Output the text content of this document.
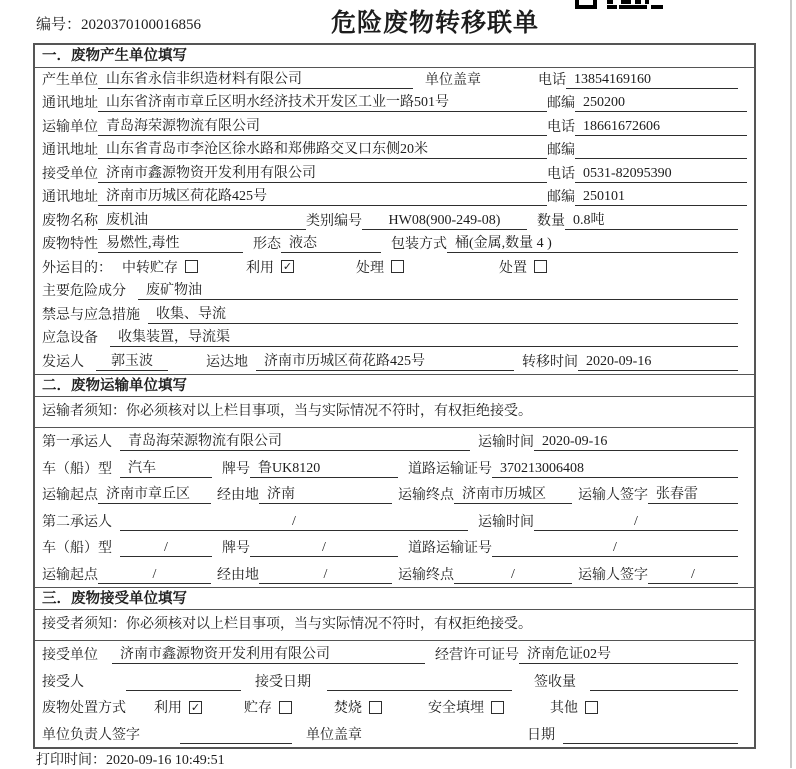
编号：2020370100016856	危险废物转移联单
一．废物产生单位填写
产生单位 山东省永信非织造材料有限公司	单位盖章	电话 13854169160
通讯地址 山东省济南市章丘区明水经济技术开发区工业一路501号	邮编 250200
运输单位 青岛海荣源物流有限公司	电话 18661672606
通讯地址 山东省青岛市李沧区徐水路和郑佛路交叉口东侧20米	邮编
接受单位 济南市鑫源物资开发利用有限公司	电话 0531-82095390
通讯地址 济南市历城区荷花路425号	邮编 250101
废物名称 废机油	类别编号	HW08(900-249-08)	数量 0.8吨
废物特性 易燃性,毒性	形态 液态	包装方式 桶(金属,数量 4 )
外运目的： 中转贮存	利用 ✓	处理	处置
主要危险成分	废矿物油
禁忌与应急措施	收集、导流
应急设备	收集装置，导流渠
发运人	郭玉波	运达地	济南市历城区荷花路425号	转移时间 2020-09-16
二．废物运输单位填写
运输者须知：你必须核对以上栏目事项，当与实际情况不符时，有权拒绝接受。
第一承运人	青岛海荣源物流有限公司	运输时间 2020-09-16
车（船）型	汽车	牌号 鲁UK8120	道路运输证号 370213006408
运输起点 济南市章丘区	经由地 济南	运输终点 济南市历城区	运输人签字 张春雷
第二承运人	/	运输时间	/
车（船）型	/	牌号	/	道路运输证号	/
运输起点	/	经由地	/	运输终点	/	运输人签字	/
三．废物接受单位填写
接受者须知：你必须核对以上栏目事项，当与实际情况不符时，有权拒绝接受。
接受单位	济南市鑫源物资开发利用有限公司	经营许可证号 济南危证02号
接受人	接受日期	签收量
废物处置方式 利用 ✓	贮存	焚烧	安全填埋	其他
单位负责人签字	单位盖章	日期
打印时间：2020-09-16 10:49:51
